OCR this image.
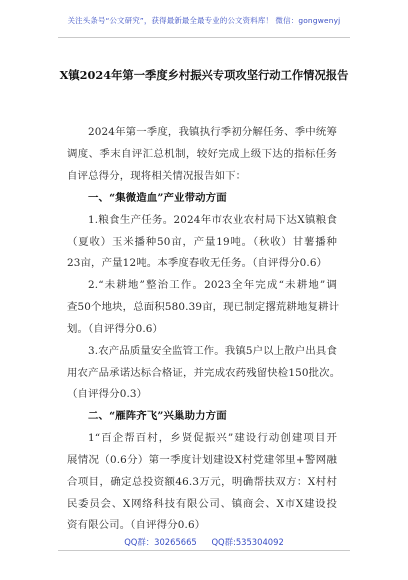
关注头条号“公文研究”，获得最新最全最专业的公文资料库！ 微信：gongwenyj
X镇2024年第一季度乡村振兴专项攻坚行动工作情况报告
2024年第一季度，我镇执行季初分解任务、季中统筹
调度、季末自评汇总机制，较好完成上级下达的指标任务
自评总得分，现将相关情况报告如下：
一、“集微造血”产业带动方面
1.粮食生产任务。2024年市农业农村局下达X镇粮食
（夏收）玉米播种50亩，产量19吨。（秋收）甘薯播种
23亩，产量12吨。本季度春收无任务。（自评得分0.6）
2.“未耕地”整治工作。2023全年完成“未耕地”调
查50个地块，总面积580.39亩，现已制定撂荒耕地复耕计
划。（自评得分0.6）
3.农产品质量安全监管工作。我镇5户以上散户出具食
用农产品承诺达标合格证，并完成农药残留快检150批次。
（自评得分0.3）
二、“雁阵齐飞”兴巢助力方面
1“百企帮百村，乡贤促振兴”建设行动创建项目开
展情况（0.6分）第一季度计划建设X村党建邻里+警网融
合项目，确定总投资额46.3万元，明确帮扶双方：X村村
民委员会、X网络科技有限公司、镇商会、X市X建设投
资有限公司。（自评得分0.6）
QQ群：30265665 QQ群:535304092
